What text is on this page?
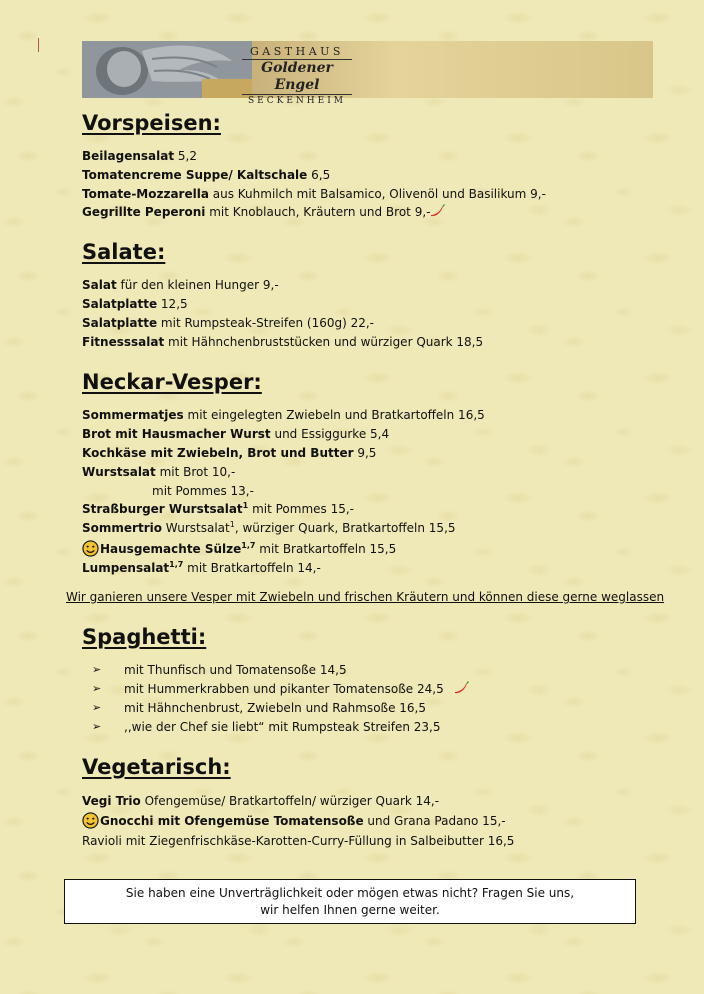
GASTHAUS
Goldener Engel
SECKENHEIM
Vorspeisen:
Beilagensalat 5,2
Tomatencreme Suppe/ Kaltschale 6,5
Tomate-Mozzarella aus Kuhmilch mit Balsamico, Olivenöl und Basilikum 9,-
Gegrillte Peperoni mit Knoblauch, Kräutern und Brot 9,-
Salate:
Salat für den kleinen Hunger 9,-
Salatplatte 12,5
Salatplatte mit Rumpsteak-Streifen (160g) 22,-
Fitnesssalat mit Hähnchenbruststücken und würziger Quark 18,5
Neckar-Vesper:
Sommermatjes mit eingelegten Zwiebeln und Bratkartoffeln 16,5
Brot mit Hausmacher Wurst und Essiggurke 5,4
Kochkäse mit Zwiebeln, Brot und Butter 9,5
Wurstsalat mit Brot 10,-
mit Pommes 13,-
Straßburger Wurstsalat$^1$ mit Pommes 15,-
Sommertrio Wurstsalat$^1$, würziger Quark, Bratkartoffeln 15,5
Hausgemachte Sülze$^{1,7}$ mit Bratkartoffeln 15,5
Lumpensalat$^{1,7}$ mit Bratkartoffeln 14,-
Wir ganieren unsere Vesper mit Zwiebeln und frischen Kräutern und können diese gerne weglassen
Spaghetti:
➢ mit Thunfisch und Tomatensoße 14,5
➢ mit Hummerkrabben und pikanter Tomatensoße 24,5
➢ mit Hähnchenbrust, Zwiebeln und Rahmsoße 16,5
➢ ,,wie der Chef sie liebt“ mit Rumpsteak Streifen 23,5
Vegetarisch:
Vegi Trio Ofengemüse/ Bratkartoffeln/ würziger Quark 14,-
Gnocchi mit Ofengemüse Tomatensoße und Grana Padano 15,-
Ravioli mit Ziegenfrischkäse-Karotten-Curry-Füllung in Salbeibutter 16,5
Sie haben eine Unverträglichkeit oder mögen etwas nicht? Fragen Sie uns,
wir helfen Ihnen gerne weiter.
